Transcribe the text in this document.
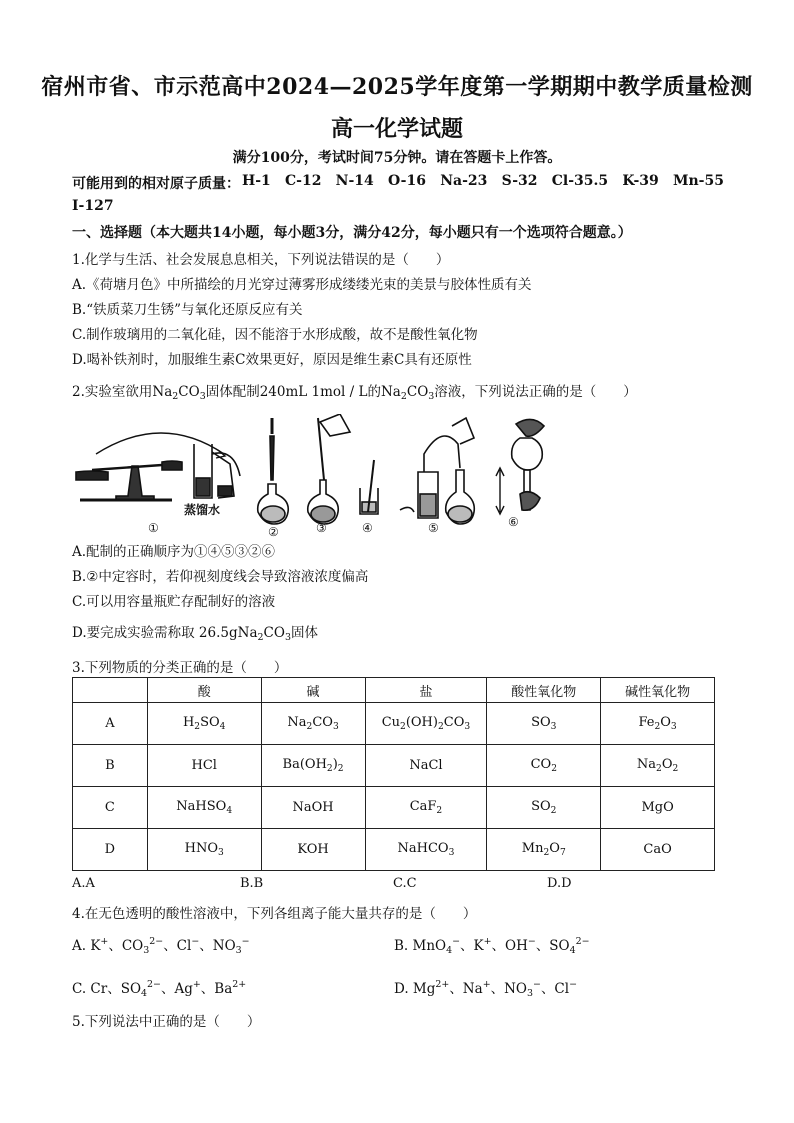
宿州市省、市示范高中2024—2025学年度第一学期期中教学质量检测
高一化学试题
满分100分，考试时间75分钟。请在答题卡上作答。
可能用到的相对原子质量： H-1 C-12 N-14 O-16 Na-23 S-32 Cl-35.5 K-39 Mn-55
I-127
一、选择题（本大题共14小题，每小题3分，满分42分，每小题只有一个选项符合题意。）
1.化学与生活、社会发展息息相关，下列说法错误的是（　　）
A.《荷塘月色》中所描绘的月光穿过薄雾形成缕缕光束的美景与胶体性质有关
B.“铁质菜刀生锈”与氧化还原反应有关
C.制作玻璃用的二氧化硅，因不能溶于水形成酸，故不是酸性氧化物
D.喝补铁剂时，加服维生素C效果更好，原因是维生素C具有还原性
2.实验室欲用$Na_2CO_3$固体配制240mL 1mol / L的$Na_2CO_3$溶液，下列说法正确的是（　　）
蒸馏水
①	②	③	④	⑤	⑥
A.配制的正确顺序为①④⑤③②⑥
B.②中定容时，若仰视刻度线会导致溶液浓度偏高
C.可以用容量瓶贮存配制好的溶液
D.要完成实验需称取 $26.5gNa_2CO_3$固体
3.下列物质的分类正确的是（　　）
	酸	碱	盐	酸性氧化物	碱性氧化物
A	$H_2SO_4$	$Na_2CO_3$	$Cu_2(OH)_2CO_3$	$SO_3$	$Fe_2O_3$
B	HCl	$Ba(OH_2)_2$	NaCl	$CO_2$	$Na_2O_2$
C	NaHSO$_4$	NaOH	CaF$_2$	$SO_2$	MgO
D	$HNO_3$	KOH	NaHCO$_3$	$Mn_2O_7$	CaO
A.A	B.B	C.C	D.D
4.在无色透明的酸性溶液中，下列各组离子能大量共存的是（　　）
A. K+、$CO_3^{2-}$、Cl−、$NO_3^-$	B. MnO$_4$−、K+、OH−、$SO_4^{2-}$
C. Cr、$SO_4^{2-}$、Ag+、$Ba^{2+}$	D. $Mg^{2+}$、Na+、$NO_3^-$、Cl−
5.下列说法中正确的是（　　）
